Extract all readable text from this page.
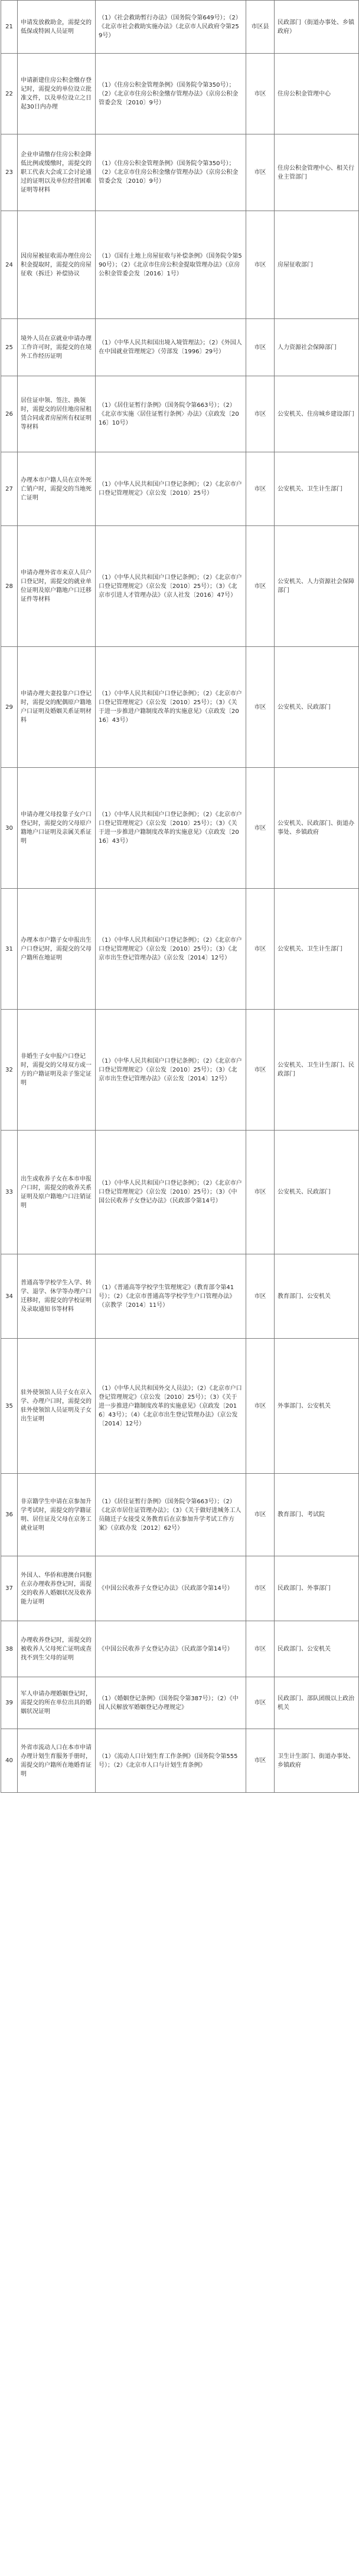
21	申请发放救助金，需提交的低保或特困人员证明	（1）《社会救助暂行办法》（国务院令第649号）；（2）《北京市社会救助实施办法》（北京市人民政府令第259号）	市区县	民政部门（街道办事处、乡镇政府）
22	申请新建住房公积金缴存登记时，需提交的单位设立批准文件，以及单位设立之日起30日内办理	（1）《住房公积金管理条例》（国务院令第350号）；（2）《北京市住房公积金缴存管理办法》（京房公积金管委会发〔2010〕9号）	市区	住房公积金管理中心
23	企业申请缴存住房公积金降低比例或缓缴时，需提交的职工代表大会或工会讨论通过的证明以及单位经营困难证明等材料	（1）《住房公积金管理条例》（国务院令第350号）；（2）《北京市住房公积金缴存管理办法》（京房公积金管委会发〔2010〕9号）	市区	住房公积金管理中心、相关行业主管部门
24	因房屋被征收需办理住房公积金提取时，需提交的房屋征收（拆迁）补偿协议	（1）《国有土地上房屋征收与补偿条例》（国务院令第590号）；（2）《北京市住房公积金提取管理办法》（京房公积金管委会发〔2016〕1号）	市区	房屋征收部门
25	境外人员在京就业申请办理工作许可时，需提交的在境外工作经历证明	（1）《中华人民共和国出境入境管理法》；（2）《外国人在中国就业管理规定》（劳部发〔1996〕29号）	市区	人力资源社会保障部门
26	居住证申领、签注、换领时，需提交的居住地房屋租赁合同或者房屋所有权证明等材料	（1）《居住证暂行条例》（国务院令第663号）；（2）《北京市实施〈居住证暂行条例〉办法》（京政发〔2016〕10号）	市区	公安机关、住房城乡建设部门
27	办理本市户籍人员在京外死亡销户时，需提交的当地死亡证明	（1）《中华人民共和国户口登记条例》；（2）《北京市户口登记管理规定》（京公发〔2010〕25号）	市区	公安机关、卫生计生部门
28	申请办理外省市来京人员户口登记时，需提交的就业单位证明及原户籍地户口迁移证件等材料	（1）《中华人民共和国户口登记条例》；（2）《北京市户口登记管理规定》（京公发〔2010〕25号）；（3）《北京市引进人才管理办法》（京人社发〔2016〕47号）	市区	公安机关、人力资源社会保障部门
29	申请办理夫妻投靠户口登记时，需提交的配偶原户籍地户口证明及婚姻关系证明材料	（1）《中华人民共和国户口登记条例》；（2）《北京市户口登记管理规定》（京公发〔2010〕25号）；（3）《关于进一步推进户籍制度改革的实施意见》（京政发〔2016〕43号）	市区	公安机关、民政部门
30	申请办理父母投靠子女户口登记时，需提交的父母原户籍地户口证明及亲属关系证明	（1）《中华人民共和国户口登记条例》；（2）《北京市户口登记管理规定》（京公发〔2010〕25号）；（3）《关于进一步推进户籍制度改革的实施意见》（京政发〔2016〕43号）	市区	公安机关、民政部门、街道办事处、乡镇政府
31	办理本市户籍子女申报出生户口登记时，需提交的父母户籍所在地证明	（1）《中华人民共和国户口登记条例》；（2）《北京市户口登记管理规定》（京公发〔2010〕25号）；（3）《北京市出生登记管理办法》（京公发〔2014〕12号）	市区	公安机关、卫生计生部门
32	非婚生子女申报户口登记时，需提交的父母双方或一方的户籍证明及亲子鉴定证明	（1）《中华人民共和国户口登记条例》；（2）《北京市户口登记管理规定》（京公发〔2010〕25号）；（3）《北京市出生登记管理办法》（京公发〔2014〕12号）	市区	公安机关、卫生计生部门、民政部门
33	出生或收养子女在本市申报户口时，需提交的收养关系证明及原户籍地户口注销证明	（1）《中华人民共和国户口登记条例》；（2）《北京市户口登记管理规定》（京公发〔2010〕25号）；（3）《中国公民收养子女登记办法》（民政部令第14号）	市区	公安机关、民政部门
34	普通高等学校学生入学、转学、退学、休学等办理户口迁移时，需提交的学校证明及录取通知书等材料	（1）《普通高等学校学生管理规定》（教育部令第41号）；（2）《北京市普通高等学校学生户口管理办法》（京教学〔2014〕11号）	市区	教育部门、公安机关
35	驻外使领馆人员子女在京入学、办理户口时，需提交的驻外使领馆人员证明及子女出生证明	（1）《中华人民共和国外交人员法》；（2）《北京市户口登记管理规定》（京公发〔2010〕25号）；（3）《关于进一步推进户籍制度改革的实施意见》（京政发〔2016〕43号）；（4）《北京市出生登记管理办法》（京公发〔2014〕12号）	市区	外事部门、公安机关
36	非京籍学生申请在京参加升学考试时，需提交的学籍证明、居住证及父母在京务工就业证明	（1）《居住证暂行条例》（国务院令第663号）；（2）《北京市居住证管理办法》；（3）《关于做好进城务工人员随迁子女接受义务教育后在京参加升学考试工作方案》（京政办发〔2012〕62号）	市区	教育部门、考试院
37	外国人、华侨和港澳台同胞在京办理收养登记时，需提交的收养人婚姻状况及收养能力证明	《中国公民收养子女登记办法》（民政部令第14号）	市区	民政部门、外事部门
38	办理收养登记时，需提交的被收养人父母死亡证明或查找不到生父母的证明	《中国公民收养子女登记办法》（民政部令第14号）	市区	民政部门、公安机关
39	军人申请办理婚姻登记时，需提交的所在单位出具的婚姻状况证明	（1）《婚姻登记条例》（国务院令第387号）；（2）《中国人民解放军婚姻登记办理规定》	市区	民政部门、部队团级以上政治机关
40	外省市流动人口在本市申请办理计划生育服务手册时，需提交的户籍所在地婚育证明	（1）《流动人口计划生育工作条例》（国务院令第555号）；（2）《北京市人口与计划生育条例》	市区	卫生计生部门、街道办事处、乡镇政府
